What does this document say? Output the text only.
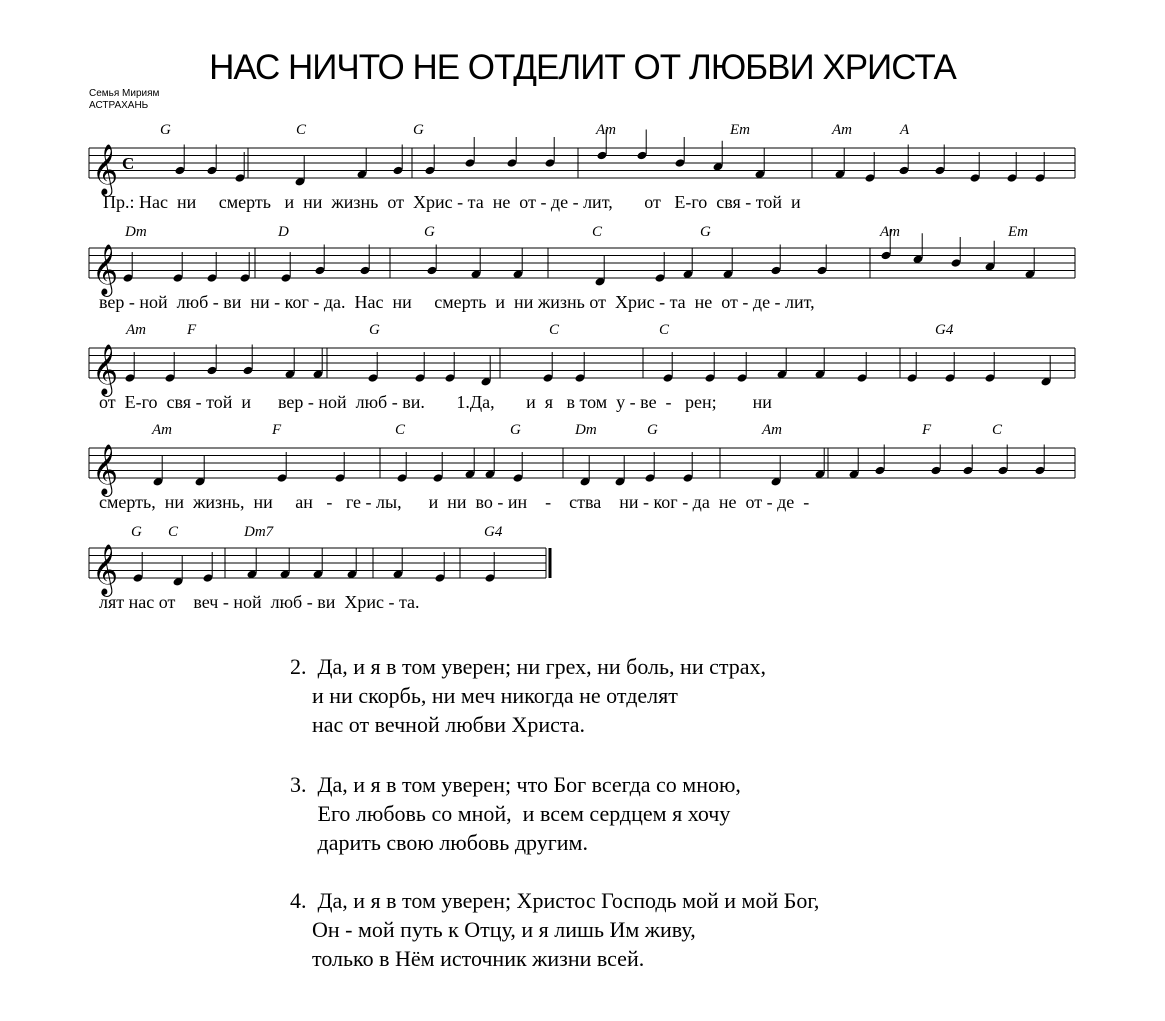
НАС НИЧТО НЕ ОТДЕЛИТ ОТ ЛЮБВИ ХРИСТА
Семья Мириям
АСТРАХАНЬ
𝄞 C
G	C	G	Am	Em	Am	A
Пр.: Нас  ни     смерть   и  ни  жизнь  от  Хрис - та  не  от - де - лит,       от   Е-го  свя - той  и
𝄞
Dm	D	G	C	G	Am	Em
вер - ной  люб - ви  ни - ког - да.  Нас  ни     смерть  и  ни жизнь от  Хрис - та  не  от - де - лит,
𝄞
Am	F	G	C	C	G4
от  Е-го  свя - той  и      вер - ной  люб - ви.       1.Да,       и  я   в том  у - ве  -   рен;        ни
𝄞
Am	F	C	G	Dm	G	Am	F	C
смерть,  ни  жизнь,  ни     ан   -   ге - лы,      и  ни  во - ин    -    ства    ни - ког - да  не  от - де  -
𝄞
G C	Dm7	G4
лят нас от    веч - ной  люб - ви  Хрис - та.
2.  Да, и я в том уверен; ни грех, ни боль, ни страх,
и ни скорбь, ни меч никогда не отделят
нас от вечной любви Христа.
3.  Да, и я в том уверен; что Бог всегда со мною,
Его любовь со мной,  и всем сердцем я хочу
дарить свою любовь другим.
4.  Да, и я в том уверен; Христос Господь мой и мой Бог,
Он - мой путь к Отцу, и я лишь Им живу,
только в Нём источник жизни всей.
